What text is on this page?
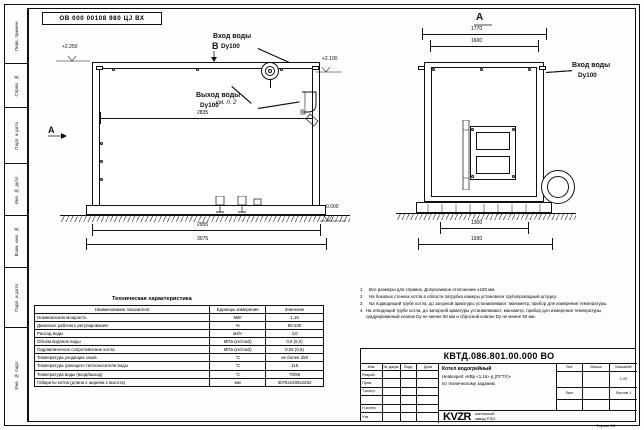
Перв. примен.
Справ. №
Подп. и дата
Инв. № дубл.
Взам. инв. №
Подп. и дата
Инв. № подл.
ОВ 000 00108 980 ЦJ ВХ
Вход воды
Dу100
Выход воды
Dу100
см. п. 2
B
A
+2.250
+2.100
0.000
2835
2955
3075
A
1600
1770
1300
1930
Вход воды
Dу100
1	Все размеры для справок. Допускаемое отклонение ±100 мм.
2	На боковых стенках котла в области патрубка камеры установлен трубопроводный штуцер.
3	Na подводящий трубе котла, до загорной арматуры устанавливают: манометр, прибор для измерения температуры.
4 На отводящей трубе котла, до запорной арматуры устанавливают: манометр, прибор для измерения температуры, градуированный клапан Dу не менее 50 мм и сбросной клапан Dу не менее 50 мм.
Техническая характеристика
Наименование показателя	Единицы измерения	Значение
Номинальная мощность	МВт	1,16
Диапазон рабочего регулирования	%	50-100
Расход воды	м3/ч	4,0
Объём водяное воды	МПа (кгс/см2)	0,6 (6,0)
Гидравлическое сопротивление котла	МПа (кгс/см2)	0,06 (0,6)
Температура уходящих газов	°C	не более 250
Температура греющего теплоносителя воды	°C	115
Температура воды (вход/выход)	°C	70/95
Габариты котла (длина х ширина х высота)	мм	3075х1930х2250
КВТД.086.801.00.000 ВО
Изм.	№ докум.	Подп.	Дата
Разраб.
Пров.
Т.контр.
Н.контр.
Утв.
Котел водогрейный
Heatexpert «КВр «1,16» д (ПГТУ)»
по техническому заданию
Лит.	Масса	Масштаб
1:20
Лист	Листов 1
KVZR котельный
завод РЭО
Формат A3
